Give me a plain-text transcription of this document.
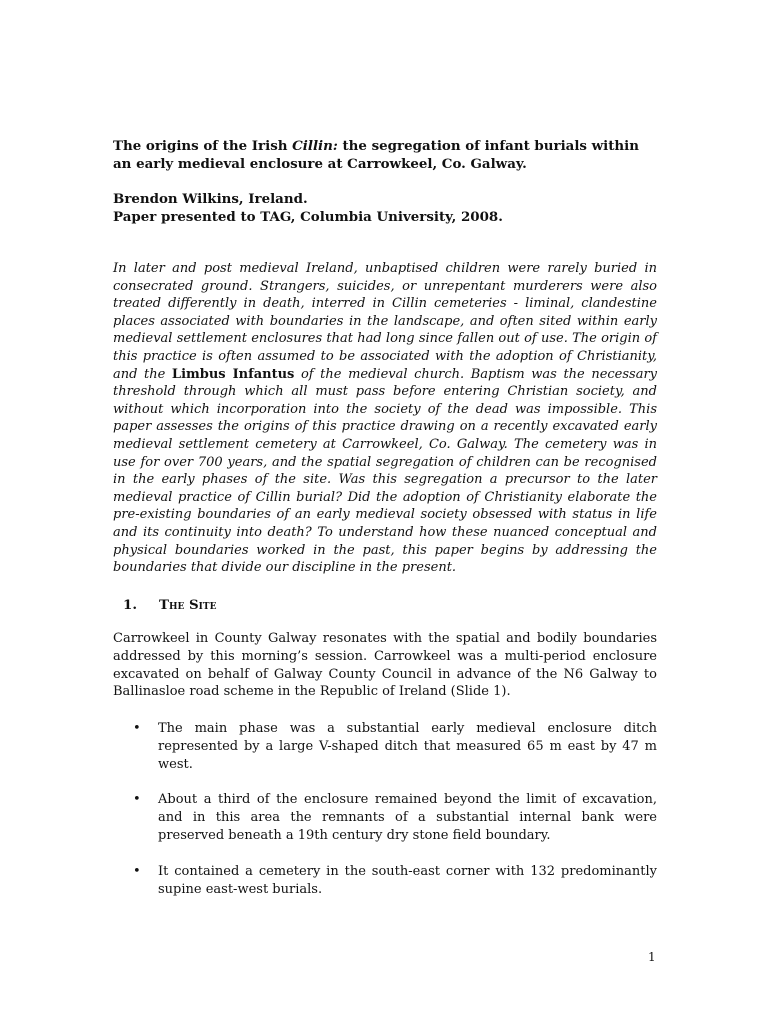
The origins of the Irish Cillin: the segregation of infant burials within an early medieval enclosure at Carrowkeel, Co. Galway.
Brendon Wilkins, Ireland.
Paper presented to TAG, Columbia University, 2008.

In later and post medieval Ireland, unbaptised children were rarely buried in consecrated ground. Strangers, suicides, or unrepentant murderers were also treated differently in death, interred in Cillin cemeteries - liminal, clandestine places associated with boundaries in the landscape, and often sited within early medieval settlement enclosures that had long since fallen out of use. The origin of this practice is often assumed to be associated with the adoption of Christianity, and the Limbus Infantus of the medieval church. Baptism was the necessary threshold through which all must pass before entering Christian society, and without which incorporation into the society of the dead was impossible. This paper assesses the origins of this practice drawing on a recently excavated early medieval settlement cemetery at Carrowkeel, Co. Galway. The cemetery was in use for over 700 years, and the spatial segregation of children can be recognised in the early phases of the site. Was this segregation a precursor to the later medieval practice of Cillin burial? Did the adoption of Christianity elaborate the pre-existing boundaries of an early medieval society obsessed with status in life and its continuity into death? To understand how these nuanced conceptual and physical boundaries worked in the past, this paper begins by addressing the boundaries that divide our discipline in the present.

1. The Site

Carrowkeel in County Galway resonates with the spatial and bodily boundaries addressed by this morning’s session. Carrowkeel was a multi-period enclosure excavated on behalf of Galway County Council in advance of the N6 Galway to Ballinasloe road scheme in the Republic of Ireland (Slide 1).

• The main phase was a substantial early medieval enclosure ditch represented by a large V-shaped ditch that measured 65 m east by 47 m west.
• About a third of the enclosure remained beyond the limit of excavation, and in this area the remnants of a substantial internal bank were preserved beneath a 19th century dry stone field boundary.
• It contained a cemetery in the south-east corner with 132 predominantly supine east-west burials.
1
